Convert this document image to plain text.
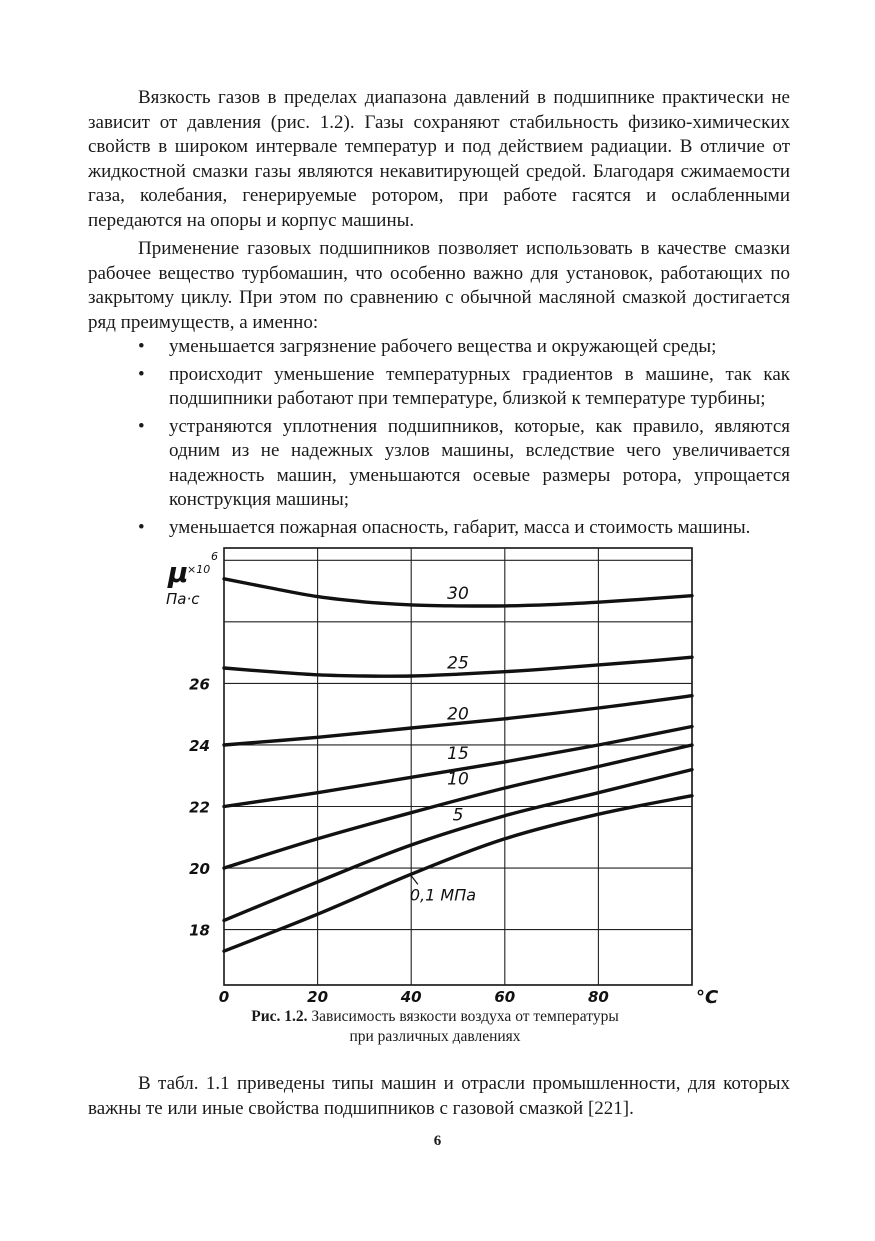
Вязкость газов в пределах диапазона давлений в подшипнике практически не зависит от давления (рис. 1.2). Газы сохраняют стабильность физико-химических свойств в широком интервале температур и под действием радиации. В отличие от жидкостной смазки газы являются некавитирующей средой. Благодаря сжимаемости газа, колебания, генерируемые ротором, при работе гасятся и ослабленными передаются на опоры и корпус машины.

Применение газовых подшипников позволяет использовать в качестве смазки рабочее вещество турбомашин, что особенно важно для установок, работающих по закрытому циклу. При этом по сравнению с обычной масляной смазкой достигается ряд преимуществ, а именно:

• уменьшается загрязнение рабочего вещества и окружающей среды;
• происходит уменьшение температурных градиентов в машине, так как подшипники работают при температуре, близкой к температуре турбины;
• устраняются уплотнения подшипников, которые, как правило, являются одним из не надежных узлов машины, вследствие чего увеличивается надежность машин, уменьшаются осевые размеры ротора, упрощается конструкция машины;
• уменьшается пожарная опасность, габарит, масса и стоимость машины.
30
25
20
15
10
5
0,1 МПа
18
20
22
24
26
0	20	40	60	80	°С
μ
×10
6
Па·с
Рис. 1.2. Зависимость вязкости воздуха от температуры
при различных давлениях

В табл. 1.1 приведены типы машин и отрасли промышленности, для которых важны те или иные свойства подшипников с газовой смазкой [221].

6
